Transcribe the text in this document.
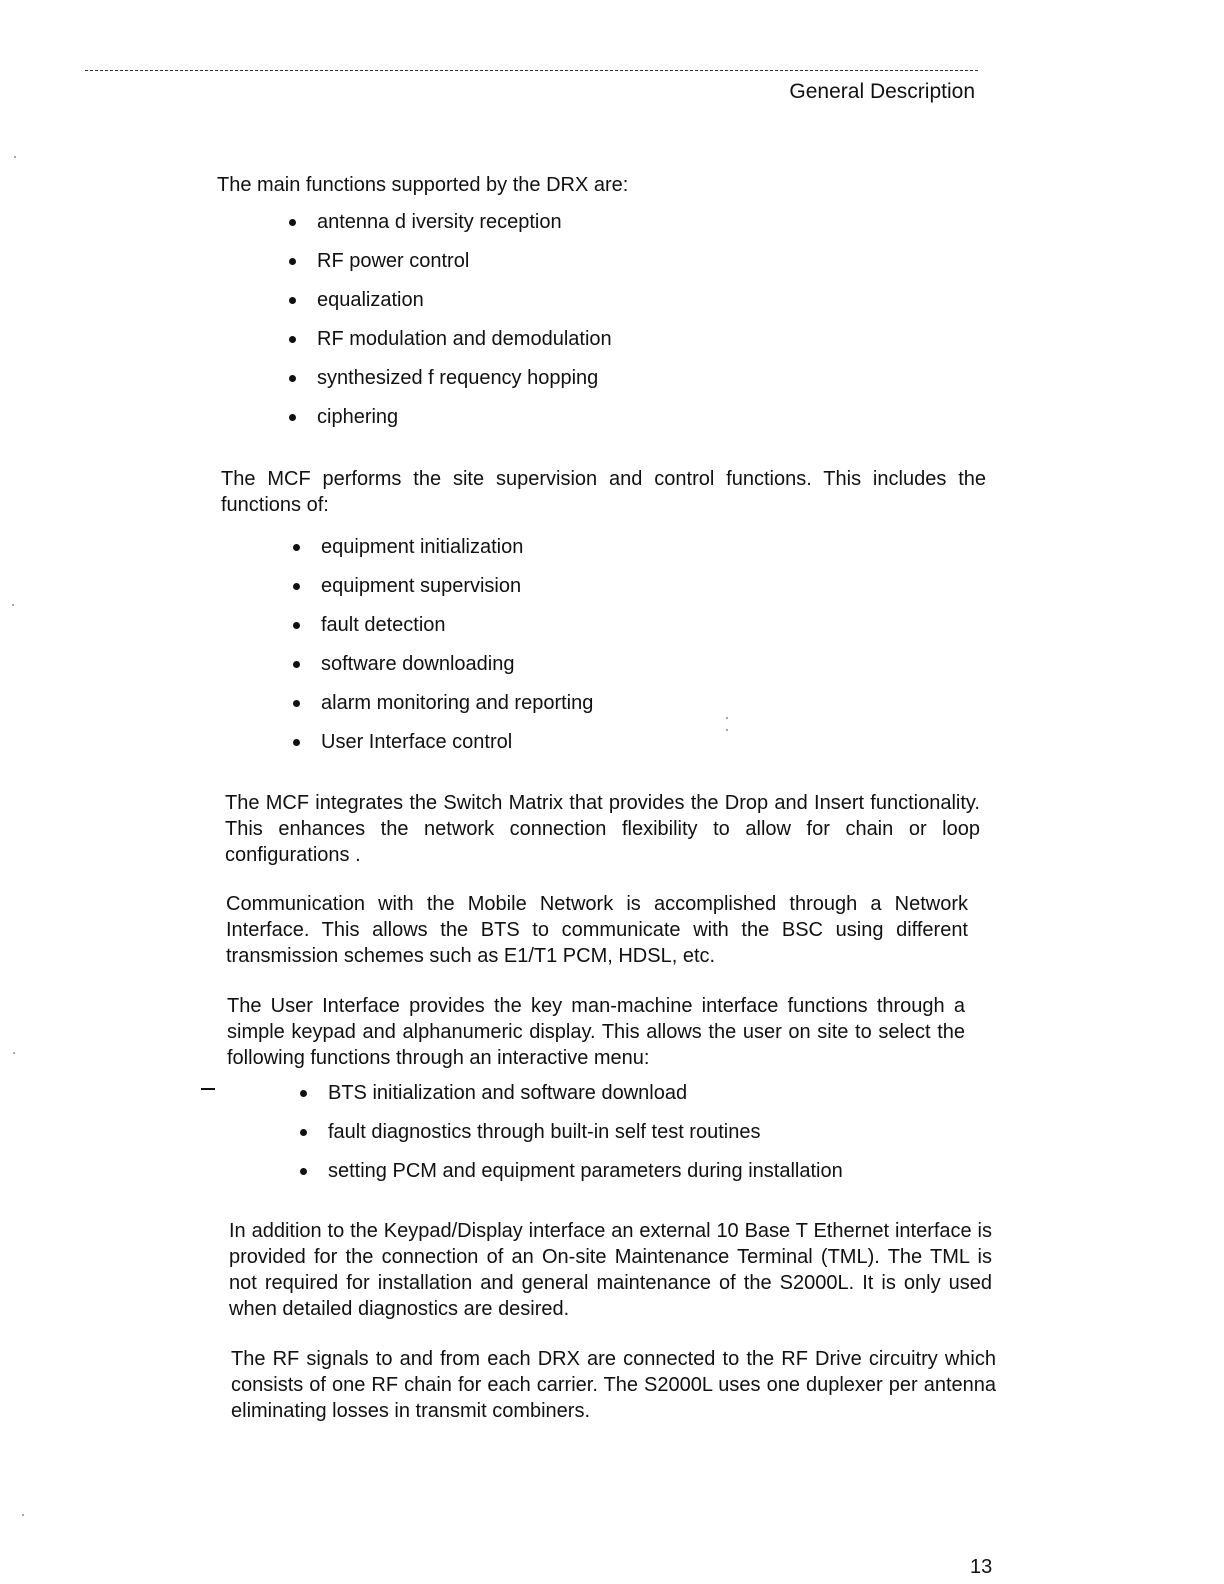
General Description
The main functions supported by the DRX are:
antenna d iversity reception
RF power control
equalization
RF modulation and demodulation
synthesized f requency hopping
ciphering
The MCF performs the site supervision and control functions. This includes the functions of:
equipment initialization
equipment supervision
fault detection
software downloading
alarm monitoring and reporting
User Interface control
The MCF integrates the Switch Matrix that provides the Drop and Insert functionality. This enhances the network connection flexibility to allow for chain or loop configurations .
Communication with the Mobile Network is accomplished through a Network Interface. This allows the BTS to communicate with the BSC using different transmission schemes such as E1/T1 PCM, HDSL, etc.
The User Interface provides the key man-machine interface functions through a simple keypad and alphanumeric display. This allows the user on site to select the following functions through an interactive menu:
BTS initialization and software download
fault diagnostics through built-in self test routines
setting PCM and equipment parameters during installation
In addition to the Keypad/Display interface an external 10 Base T Ethernet interface is provided for the connection of an On-site Maintenance Terminal (TML). The TML is not required for installation and general maintenance of the S2000L. It is only used when detailed diagnostics are desired.
The RF signals to and from each DRX are connected to the RF Drive circuitry which consists of one RF chain for each carrier. The S2000L uses one duplexer per antenna eliminating losses in transmit combiners.
13
